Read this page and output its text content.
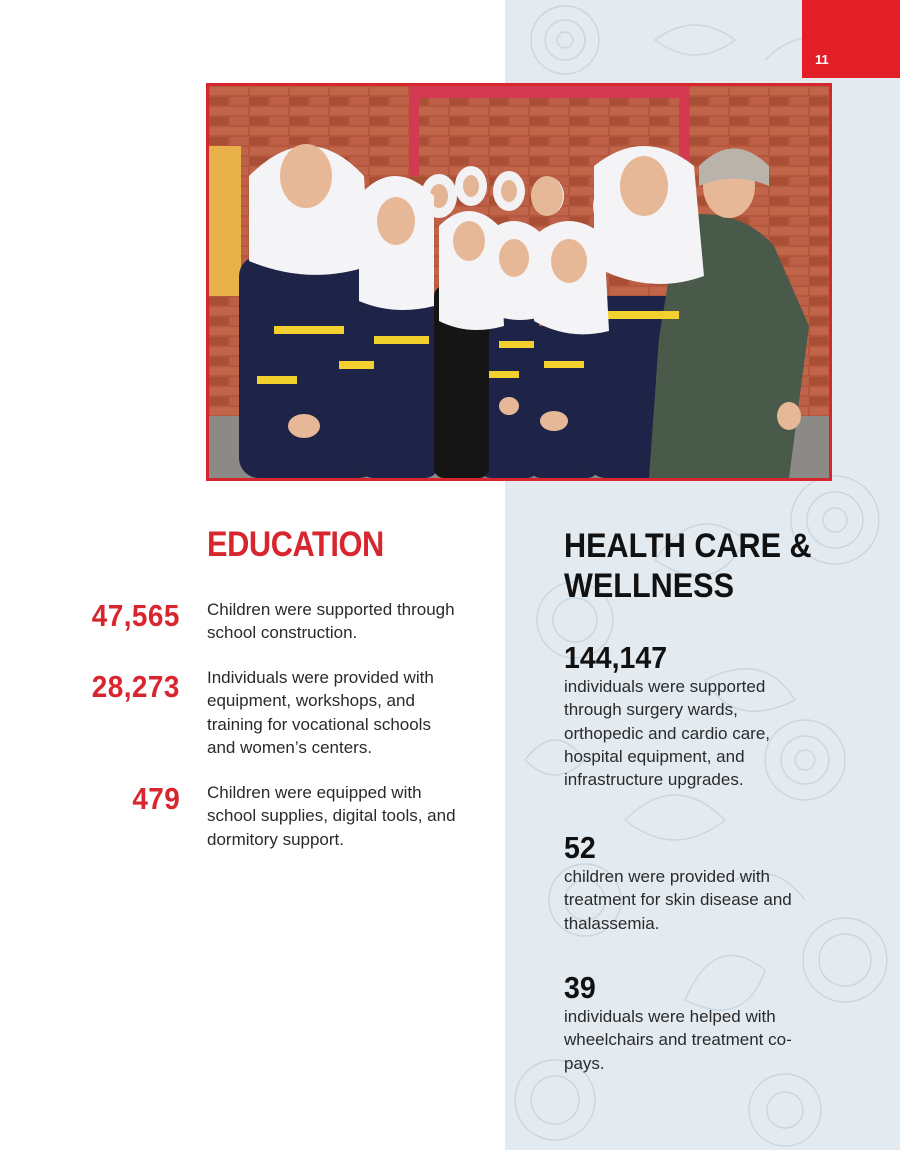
11
EDUCATION
47,565 Children were supported through school construction.
28,273 Individuals were provided with equipment, workshops, and training for vocational schools and women’s centers.
479 Children were equipped with school supplies, digital tools, and dormitory support.
HEALTH CARE & WELLNESS
144,147
individuals were supported through surgery wards, orthopedic and cardio care, hospital equipment, and infrastructure upgrades.
52
children were provided with treatment for skin disease and thalassemia.
39
individuals were helped with wheelchairs and treatment co-pays.
